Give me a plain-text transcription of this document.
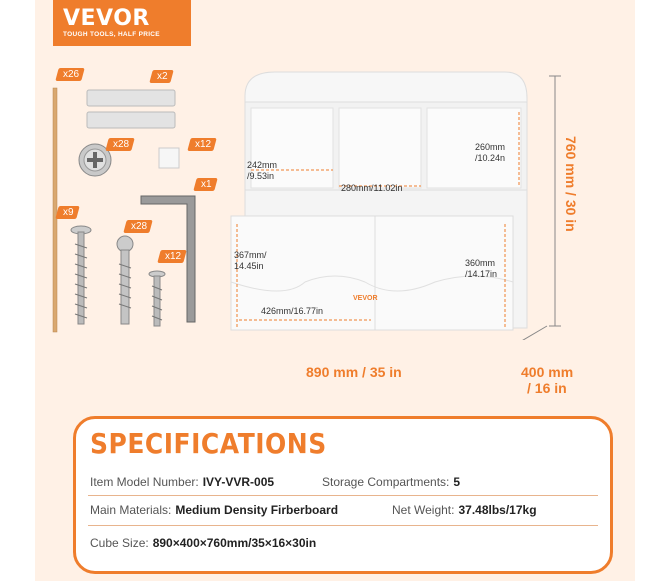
VEVOR
TOUGH TOOLS, HALF PRICE
x26	x2
x28	x12
x1
x9
x28
x12
242mm
/9.53in
280mm/11.02in
260mm
/10.24n
367mm/
14.45in	360mm
/14.17in
426mm/16.77in
VEVOR
890 mm / 35 in	400 mm
/ 16 in
760 mm / 30 in
SPECIFICATIONS
Item Model Number: IVY-VVR-005	Storage Compartments: 5
Main Materials: Medium Density Firberboard	Net Weight: 37.48lbs/17kg
Cube Size: 890×400×760mm/35×16×30in
